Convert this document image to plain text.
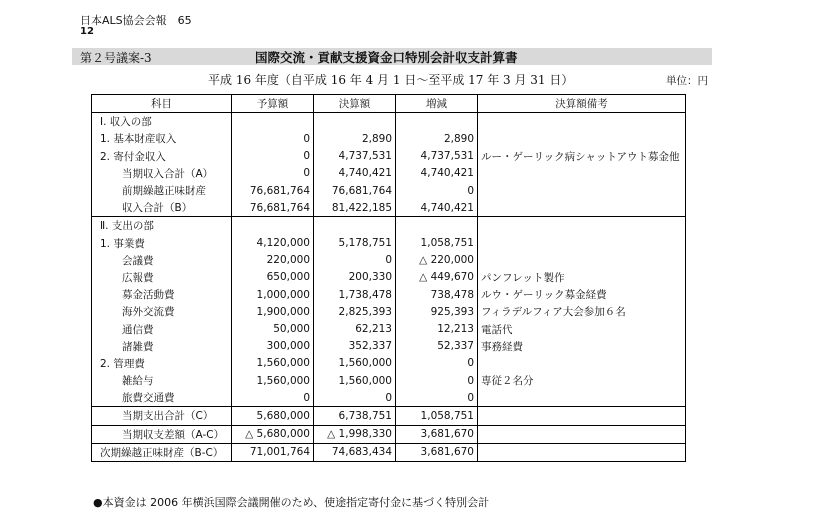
日本ALS協会会報　65
12
第２号議案-3	国際交流・貢献支援資金口特別会計収支計算書
平成 16 年度（自平成 16 年 4 月 1 日～至平成 17 年 3 月 31 日）	単位：円
科目	予算額	決算額	増減	決算額備考
Ⅰ. 収入の部				
1. 基本財産収入	0	2,890	2,890	
2. 寄付金収入	0	4,737,531	4,737,531	ルー・ゲーリック病シャットアウト募金他
当期収入合計（A）	0	4,740,421	4,740,421	
前期繰越正味財産	76,681,764	76,681,764	0	
収入合計（B）	76,681,764	81,422,185	4,740,421	
Ⅱ. 支出の部				
1. 事業費	4,120,000	5,178,751	1,058,751	
会議費	220,000	0	△ 220,000	
広報費	650,000	200,330	△ 449,670	パンフレット製作
募金活動費	1,000,000	1,738,478	738,478	ルウ・ゲーリック募金経費
海外交流費	1,900,000	2,825,393	925,393	フィラデルフィア大会参加６名
通信費	50,000	62,213	12,213	電話代
諸雑費	300,000	352,337	52,337	事務経費
2. 管理費	1,560,000	1,560,000	0	
雑給与	1,560,000	1,560,000	0	専従２名分
旅費交通費	0	0	0	
当期支出合計（C）	5,680,000	6,738,751	1,058,751	
当期収支差額（A-C）	△ 5,680,000	△ 1,998,330	3,681,670	
次期繰越正味財産（B-C）	71,001,764	74,683,434	3,681,670	
●本資金は 2006 年横浜国際会議開催のため、使途指定寄付金に基づく特別会計
